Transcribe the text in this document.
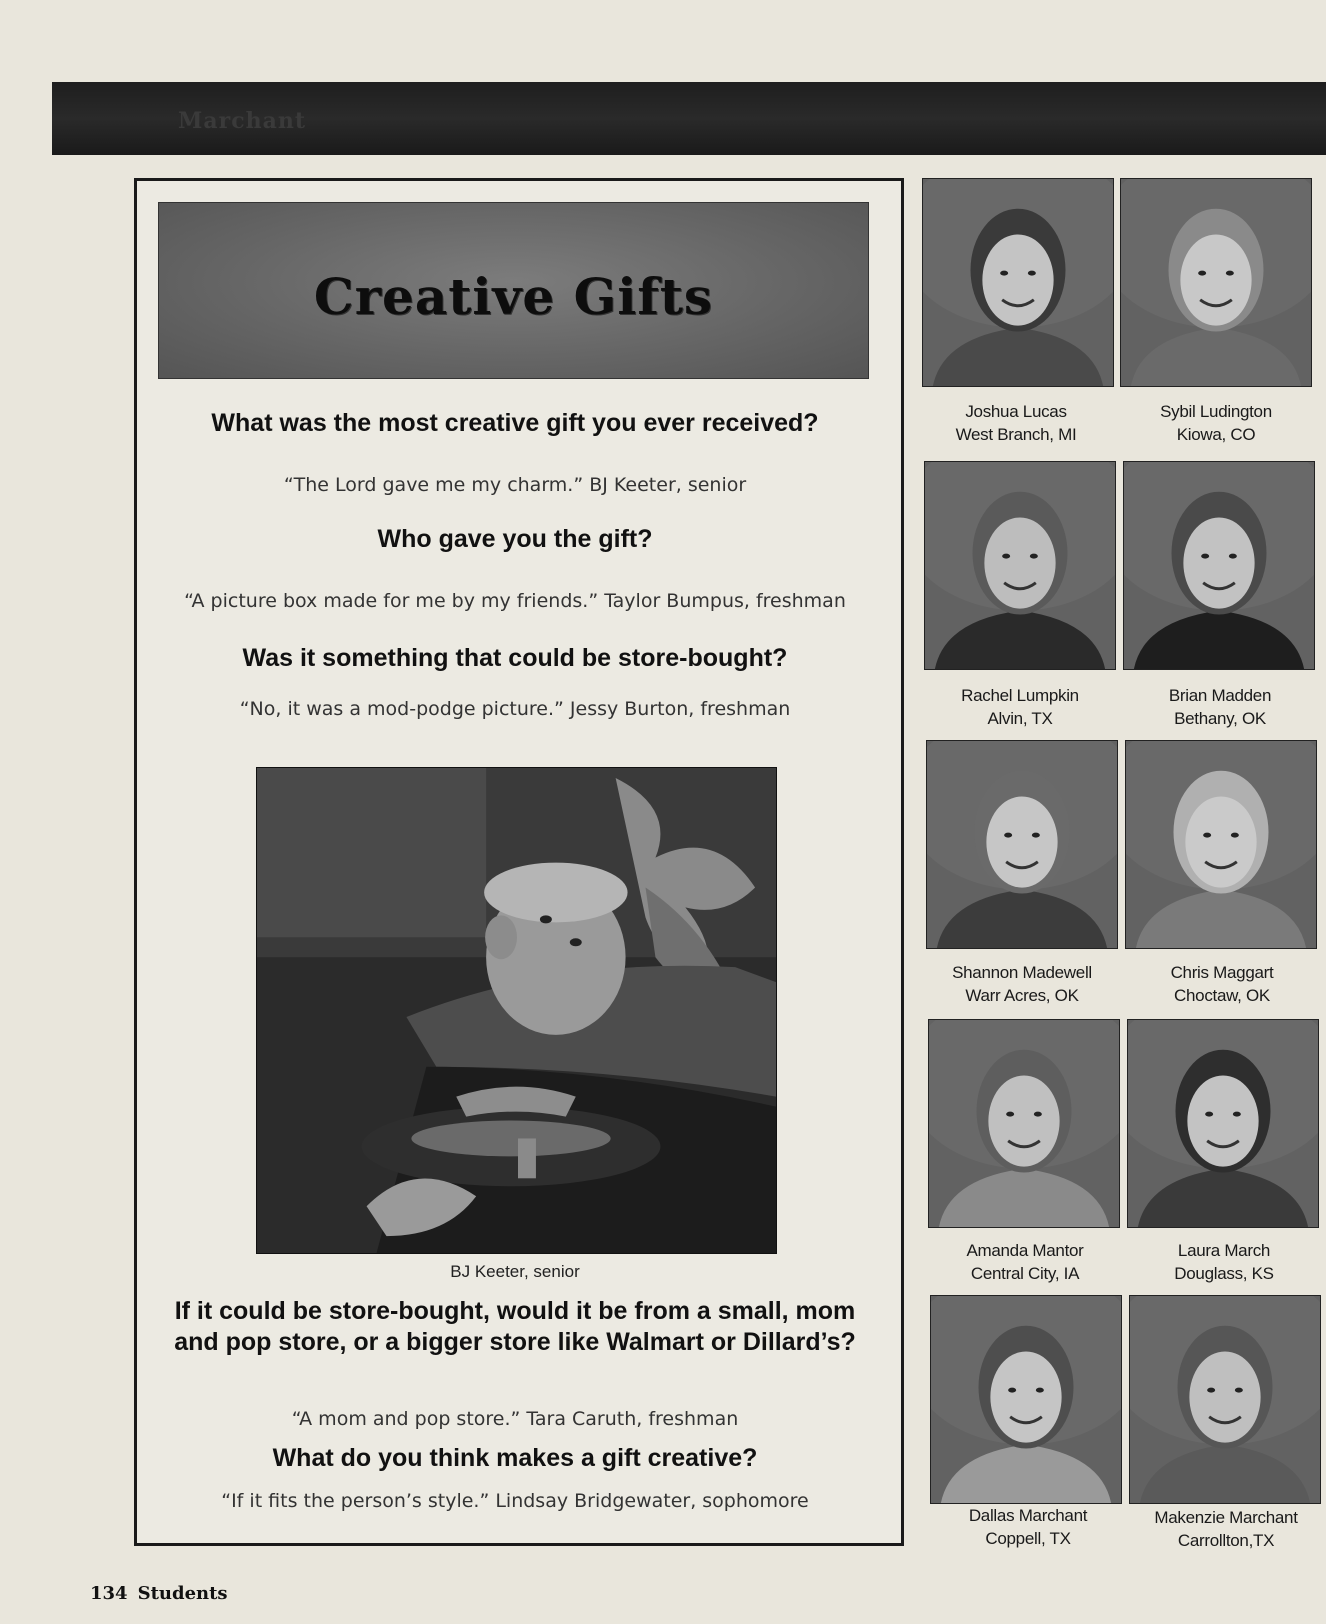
Marchant
Creative Gifts

What was the most creative gift you ever received?

“The Lord gave me my charm.” BJ Keeter, senior

Who gave you the gift?

“A picture box made for me by my friends.” Taylor Bumpus, freshman

Was it something that could be store-bought?

“No, it was a mod-podge picture.” Jessy Burton, freshman

BJ Keeter, senior

If it could be store-bought, would it be from a small, mom and pop store, or a bigger store like Walmart or Dillard’s?

“A mom and pop store.” Tara Caruth, freshman

What do you think makes a gift creative?

“If it fits the person’s style.” Lindsay Bridgewater, sophomore

Joshua Lucas
West Branch, MI
Sybil Ludington
Kiowa, CO
Rachel Lumpkin
Alvin, TX
Brian Madden
Bethany, OK
Shannon Madewell
Warr Acres, OK
Chris Maggart
Choctaw, OK
Amanda Mantor
Central City, IA
Laura March
Douglass, KS
Dallas Marchant
Coppell, TX
Makenzie Marchant
Carrollton,TX
134 Students
